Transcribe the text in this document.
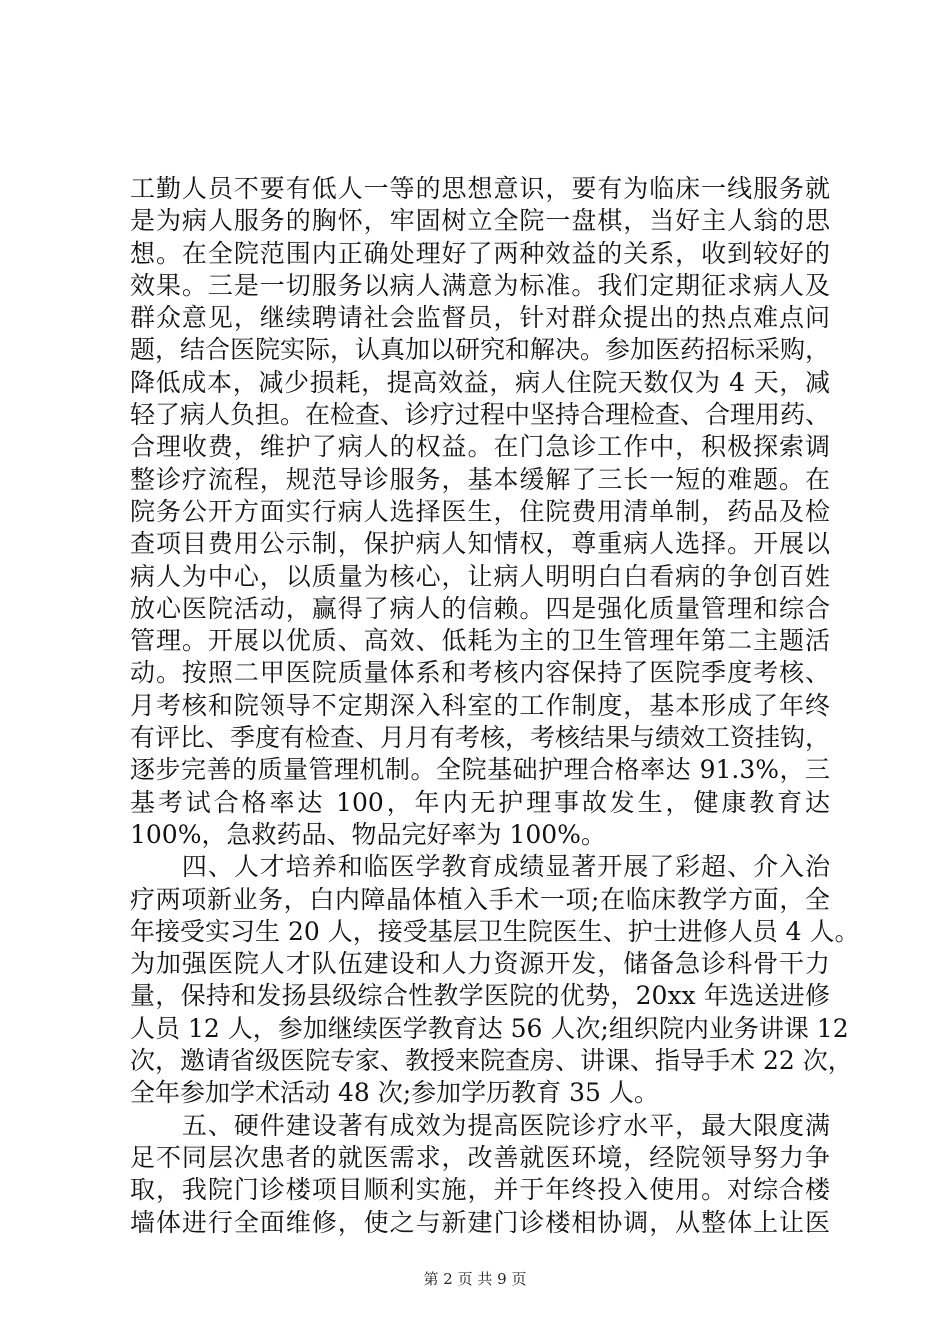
工勤人员不要有低人一等的思想意识，要有为临床一线服务就
是为病人服务的胸怀，牢固树立全院一盘棋，当好主人翁的思
想。在全院范围内正确处理好了两种效益的关系，收到较好的
效果。三是一切服务以病人满意为标准。我们定期征求病人及
群众意见，继续聘请社会监督员，针对群众提出的热点难点问
题，结合医院实际，认真加以研究和解决。参加医药招标采购，
降低成本，减少损耗，提高效益，病人住院天数仅为 4 天，减
轻了病人负担。在检查、诊疗过程中坚持合理检查、合理用药、
合理收费，维护了病人的权益。在门急诊工作中，积极探索调
整诊疗流程，规范导诊服务，基本缓解了三长一短的难题。在
院务公开方面实行病人选择医生，住院费用清单制，药品及检
查项目费用公示制，保护病人知情权，尊重病人选择。开展以
病人为中心，以质量为核心，让病人明明白白看病的争创百姓
放心医院活动，赢得了病人的信赖。四是强化质量管理和综合
管理。开展以优质、高效、低耗为主的卫生管理年第二主题活
动。按照二甲医院质量体系和考核内容保持了医院季度考核、
月考核和院领导不定期深入科室的工作制度，基本形成了年终
有评比、季度有检查、月月有考核，考核结果与绩效工资挂钩，
逐步完善的质量管理机制。全院基础护理合格率达 91.3%，三
基考试合格率达 100，年内无护理事故发生，健康教育达
100%，急救药品、物品完好率为 100%。
　　四、人才培养和临医学教育成绩显著开展了彩超、介入治
疗两项新业务，白内障晶体植入手术一项;在临床教学方面，全
年接受实习生 20 人，接受基层卫生院医生、护士进修人员 4 人。
为加强医院人才队伍建设和人力资源开发，储备急诊科骨干力
量，保持和发扬县级综合性教学医院的优势，20xx 年选送进修
人员 12 人，参加继续医学教育达 56 人次;组织院内业务讲课 12
次，邀请省级医院专家、教授来院查房、讲课、指导手术 22 次，
全年参加学术活动 48 次;参加学历教育 35 人。
　　五、硬件建设著有成效为提高医院诊疗水平，最大限度满
足不同层次患者的就医需求，改善就医环境，经院领导努力争
取，我院门诊楼项目顺利实施，并于年终投入使用。对综合楼
墙体进行全面维修，使之与新建门诊楼相协调，从整体上让医
第 2 页 共 9 页
